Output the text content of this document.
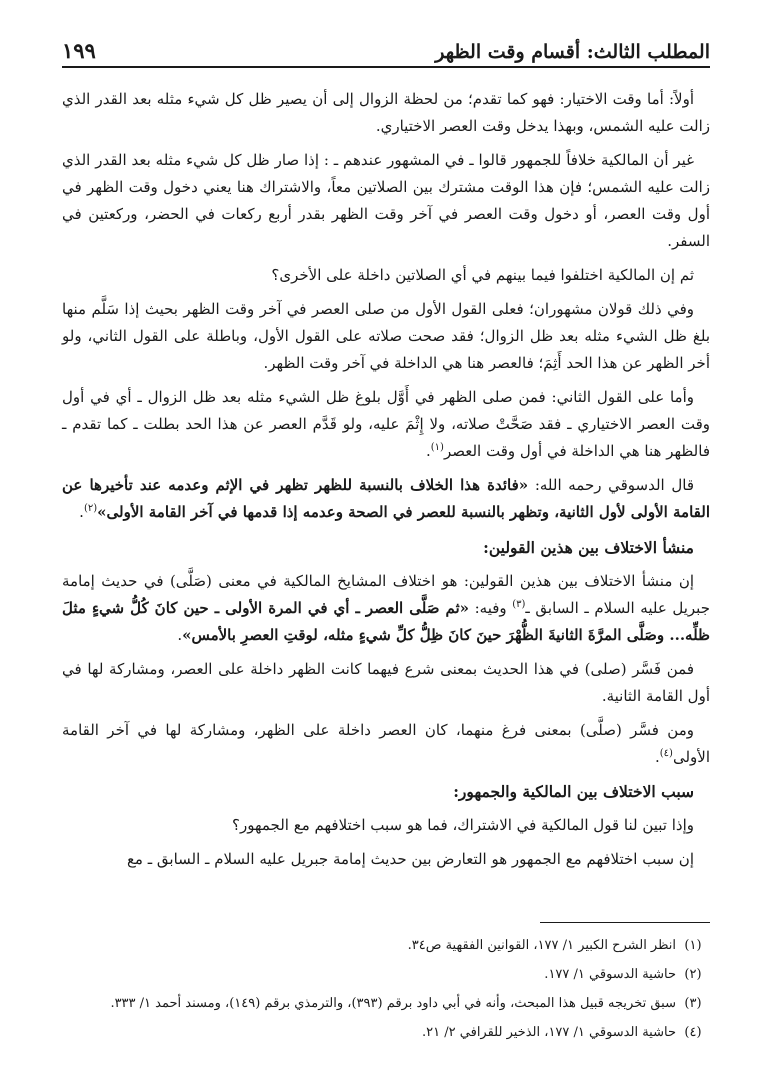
المطلب الثالث: أقسام وقت الظهر
١٩٩

أولاً: أما وقت الاختيار: فهو كما تقدم؛ من لحظة الزوال إلى أن يصير ظل كل شيء مثله بعد القدر الذي زالت عليه الشمس، وبهذا يدخل وقت العصر الاختياري.

غير أن المالكية خلافاً للجمهور قالوا ـ في المشهور عندهم ـ : إذا صار ظل كل شيء مثله بعد القدر الذي زالت عليه الشمس؛ فإن هذا الوقت مشترك بين الصلاتين معاً، والاشتراك هنا يعني دخول وقت الظهر في أول وقت العصر، أو دخول وقت العصر في آخر وقت الظهر بقدر أربع ركعات في الحضر، وركعتين في السفر.

ثم إن المالكية اختلفوا فيما بينهم في أي الصلاتين داخلة على الأخرى؟

وفي ذلك قولان مشهوران؛ فعلى القول الأول من صلى العصر في آخر وقت الظهر بحيث إذا سَلَّم منها بلغ ظل الشيء مثله بعد ظل الزوال؛ فقد صحت صلاته على القول الأول، وباطلة على القول الثاني، ولو أخر الظهر عن هذا الحد أَثِمَ؛ فالعصر هنا هي الداخلة في آخر وقت الظهر.

وأما على القول الثاني: فمن صلى الظهر في أَوَّل بلوغ ظل الشيء مثله بعد ظل الزوال ـ أي في أول وقت العصر الاختياري ـ فقد صَحَّتْ صلاته، ولا إِثْمَ عليه، ولو قَدَّم العصر عن هذا الحد بطلت ـ كما تقدم ـ فالظهر هنا هي الداخلة في أول وقت العصر$^{(١)}$.

قال الدسوقي رحمه الله: «فائدة هذا الخلاف بالنسبة للظهر تظهر في الإثم وعدمه عند تأخيرها عن القامة الأولى لأول الثانية، وتظهر بالنسبة للعصر في الصحة وعدمه إذا قدمها في آخر القامة الأولى»$^{(٢)}$.

منشأ الاختلاف بين هذين القولين:

إن منشأ الاختلاف بين هذين القولين: هو اختلاف المشايخ المالكية في معنى (صَلَّى) في حديث إمامة جبريل عليه السلام ـ السابق ـ$^{(٣)}$ وفيه: «ثم صَلَّى العصر ـ أي في المرة الأولى ـ حين كانَ كُلُّ شيءٍ مثلَ ظلِّه... وصَلَّى المرَّةَ الثانيةَ الظُّهْرَ حينَ كانَ ظِلُّ كلِّ شيءٍ مثله، لوقتِ العصرِ بالأمس».

فمن فَسَّر (صلى) في هذا الحديث بمعنى شرع فيهما كانت الظهر داخلة على العصر، ومشاركة لها في أول القامة الثانية.

ومن فسَّر (صلَّى) بمعنى فرغ منهما، كان العصر داخلة على الظهر، ومشاركة لها في آخر القامة الأولى$^{(٤)}$.

سبب الاختلاف بين المالكية والجمهور:

وإذا تبين لنا قول المالكية في الاشتراك، فما هو سبب اختلافهم مع الجمهور؟

إن سبب اختلافهم مع الجمهور هو التعارض بين حديث إمامة جبريل عليه السلام ـ السابق ـ مع

(١)
انظر الشرح الكبير ١/ ١٧٧، القوانين الفقهية ص٣٤.
(٢)
حاشية الدسوقي ١/ ١٧٧.
(٣)
سبق تخريجه قبيل هذا المبحث، وأنه في أبي داود برقم (٣٩٣)، والترمذي برقم (١٤٩)، ومسند أحمد ١/ ٣٣٣.
(٤)
حاشية الدسوقي ١/ ١٧٧، الذخير للقرافي ٢/ ٢١.
